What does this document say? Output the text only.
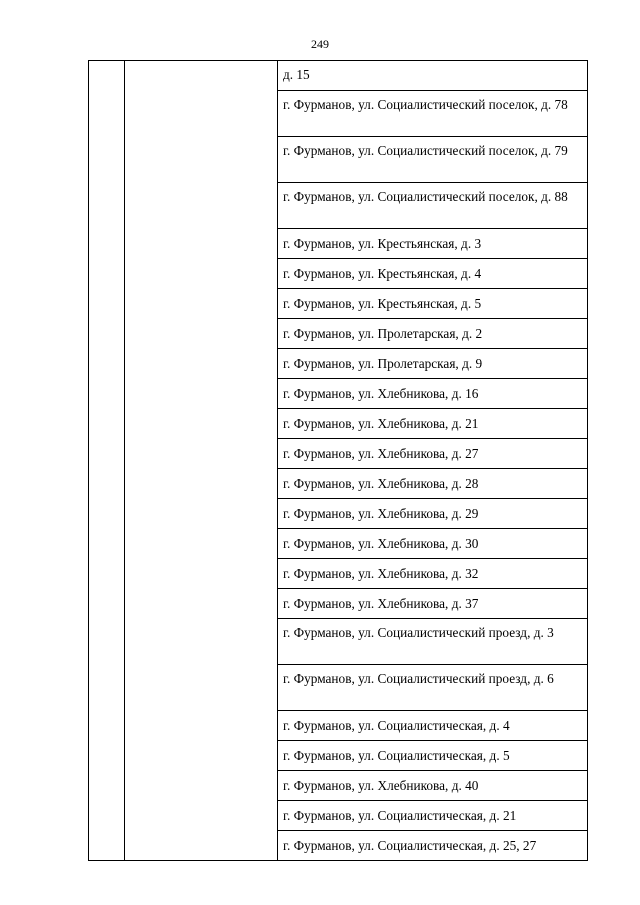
249

д. 15

г. Фурманов, ул. Социалистический поселок, д. 78

г. Фурманов, ул. Социалистический поселок, д. 79

г. Фурманов, ул. Социалистический поселок, д. 88

г. Фурманов, ул. Крестьянская, д. 3

г. Фурманов, ул. Крестьянская, д. 4

г. Фурманов, ул. Крестьянская, д. 5

г. Фурманов, ул. Пролетарская, д. 2

г. Фурманов, ул. Пролетарская, д. 9

г. Фурманов, ул. Хлебникова, д. 16

г. Фурманов, ул. Хлебникова, д. 21

г. Фурманов, ул. Хлебникова, д. 27

г. Фурманов, ул. Хлебникова, д. 28

г. Фурманов, ул. Хлебникова, д. 29

г. Фурманов, ул. Хлебникова, д. 30

г. Фурманов, ул. Хлебникова, д. 32

г. Фурманов, ул. Хлебникова, д. 37

г. Фурманов, ул. Социалистический проезд, д. 3

г. Фурманов, ул. Социалистический проезд, д. 6

г. Фурманов, ул. Социалистическая, д. 4

г. Фурманов, ул. Социалистическая, д. 5

г. Фурманов, ул. Хлебникова, д. 40

г. Фурманов, ул. Социалистическая, д. 21

г. Фурманов, ул. Социалистическая, д. 25, 27
